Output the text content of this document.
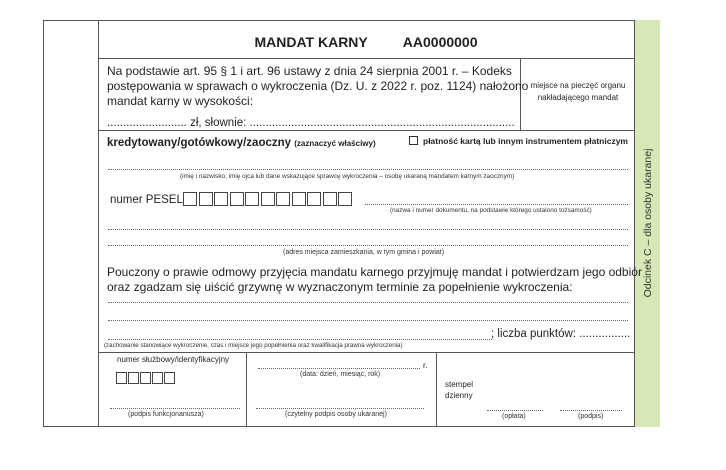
Odcinek C – dla osoby ukaranej
MANDAT KARNY	AA0000000
Na podstawie art. 95 § 1 i art. 96 ustawy z dnia 24 sierpnia 2001 r. – Kodeks
postępowania w sprawach o wykroczenia (Dz. U. z 2022 r. poz. 1124) nałożono
mandat karny w wysokości:
......................... zł, słownie: ...................................................................................
miejsce na pieczęć organu nakładającego mandat
kredytowany/gotówkowy/zaoczny (zaznaczyć właściwy)	płatność kartą lub innym instrumentem płatniczym
(imię i nazwisko, imię ojca lub dane wskazujące sprawcę wykroczenia – osobę ukaraną mandatem karnym zaocznym)
numer PESEL
(nazwa i numer dokumentu, na podstawie którego ustalono tożsamość)
(adres miejsca zamieszkania, w tym gmina i powiat)
Pouczony o prawie odmowy przyjęcia mandatu karnego przyjmuję mandat i potwierdzam jego odbiór
oraz zgadzam się uiścić grzywnę w wyznaczonym terminie za popełnienie wykroczenia:
; liczba punktów: ................
(zachowanie stanowiące wykroczenie, czas i miejsce jego popełnienia oraz kwalifikacja prawna wykroczenia)
numer służbowy/identyfikacyjny
(podpis funkcjonariusza)
r.
(data: dzień, miesiąc, rok)
(czytelny podpis osoby ukaranej)
stempel dzienny
(opłata)	(podpis)
